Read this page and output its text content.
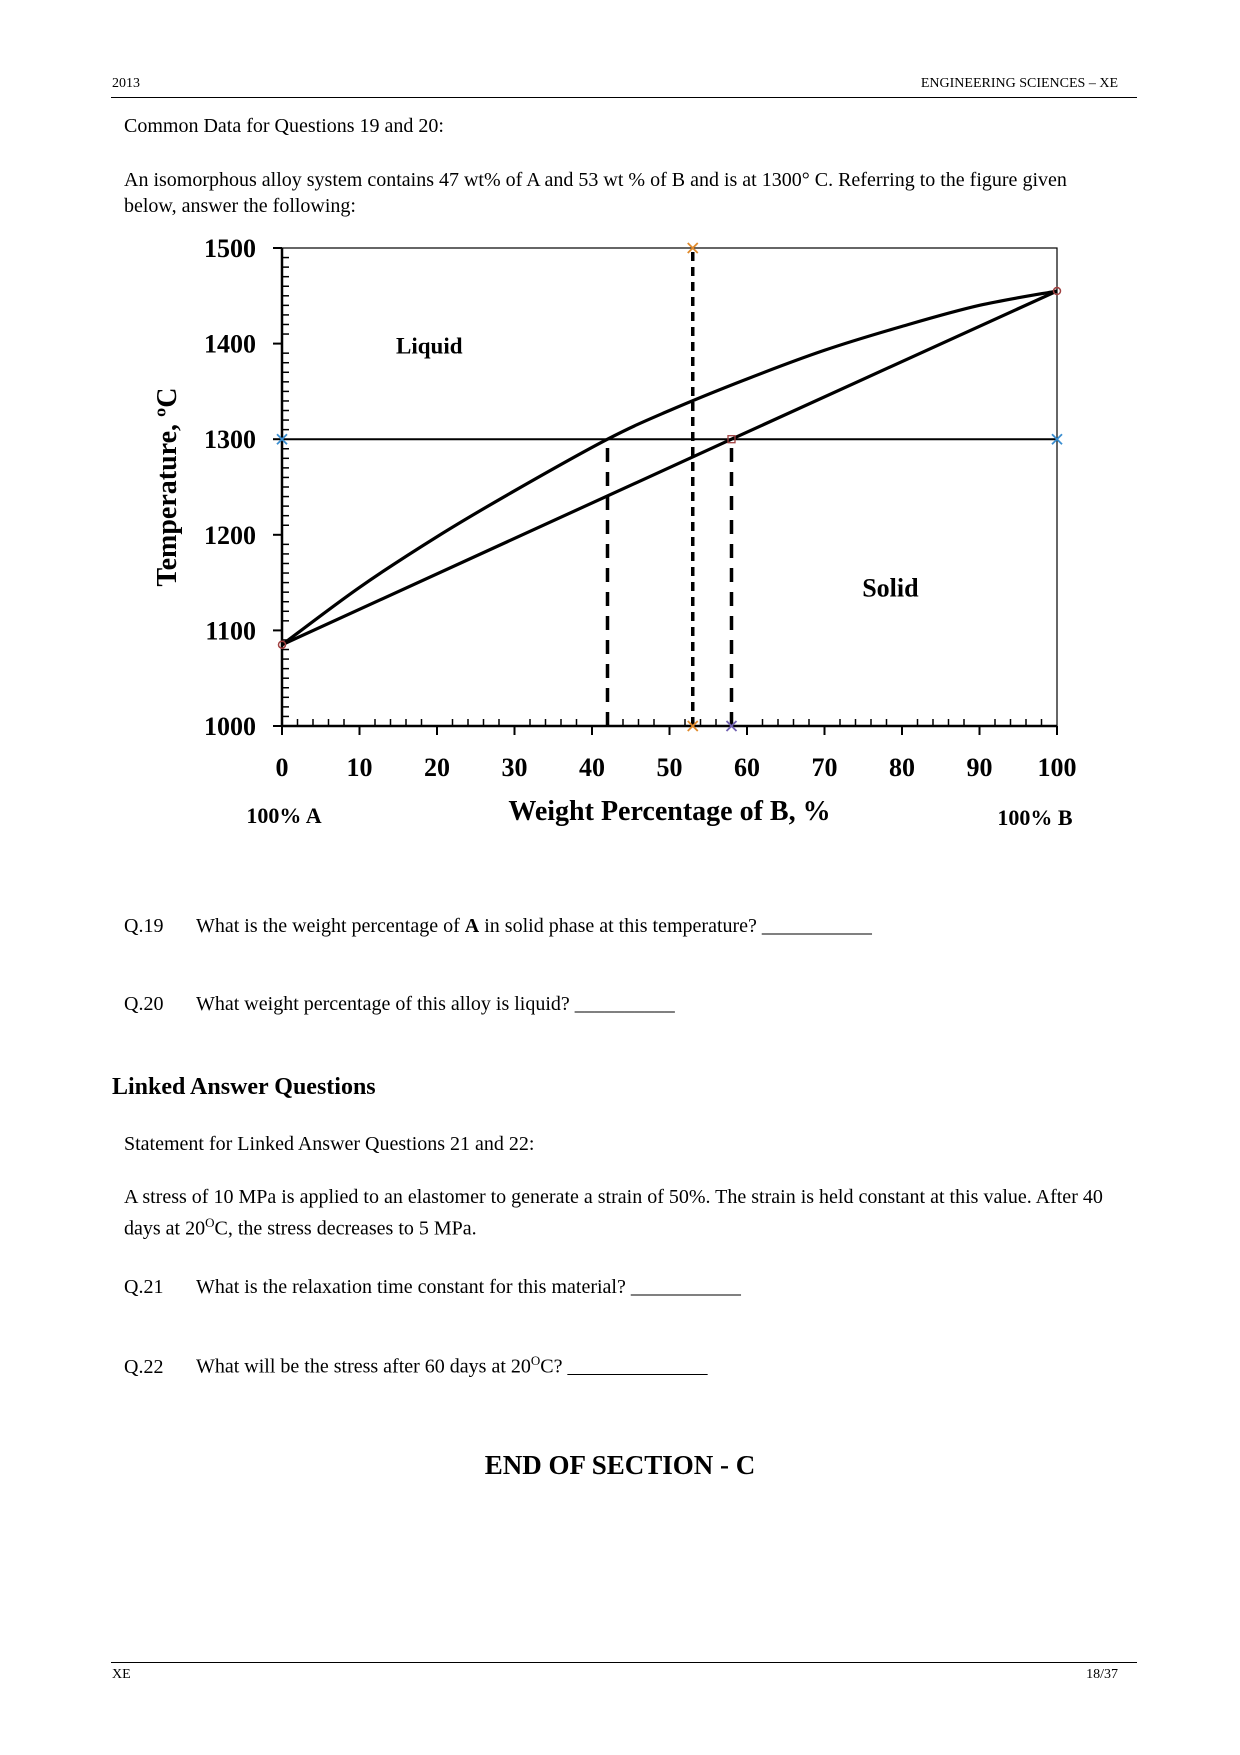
2013	ENGINEERING SCIENCES – XE
Common Data for Questions 19 and 20:
An isomorphous alloy system contains 47 wt% of A and 53 wt % of B and is at 1300° C. Referring to the figure given below, answer the following:
1000
1100
1200
1300
1400
1500
0 10 20 30 40 50 60 70 80 90 100
Temperature, ºC
Weight Percentage of B, %
100% A	100% B
Liquid
Solid
Q.19 What is the weight percentage of A in solid phase at this temperature? ___________
Q.20 What weight percentage of this alloy is liquid? __________
Linked Answer Questions
Statement for Linked Answer Questions 21 and 22:
A stress of 10 MPa is applied to an elastomer to generate a strain of 50%. The strain is held constant at this value. After 40 days at $20^OC$, the stress decreases to 5 MPa.
Q.21 What is the relaxation time constant for this material? ___________
Q.22 What will be the stress after 60 days at $20^OC$? ______________
END OF SECTION - C
XE	18/37
